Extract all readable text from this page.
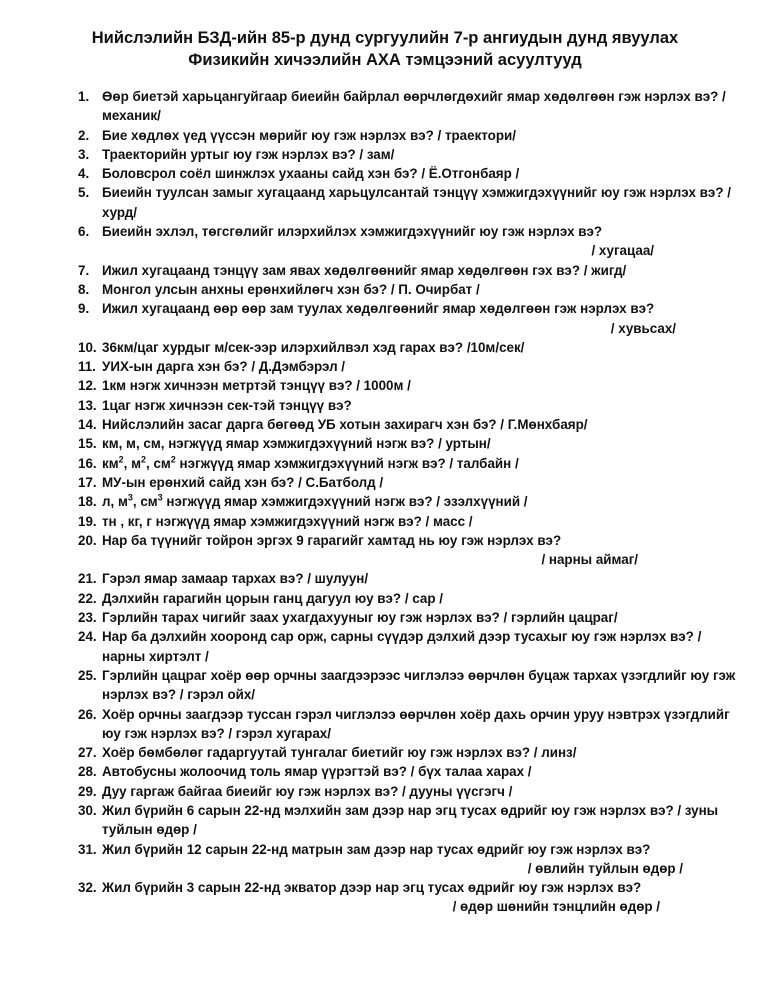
Нийслэлийн БЗД-ийн 85-р дунд сургуулийн 7-р ангиудын дунд явуулах
Физикийн хичээлийн АХА тэмцээний асуултууд
1. Өөр биетэй харьцангуйгаар биеийн байрлал өөрчлөгдөхийг ямар хөдөлгөөн гэж нэрлэх вэ? / механик/
2. Бие хөдлөх үед үүссэн мөрийг юу гэж нэрлэх вэ? / траектори/
3. Траекторийн уртыг юу гэж нэрлэх вэ? / зам/
4. Боловсрол соёл шинжлэх ухааны сайд хэн бэ? / Ё.Отгонбаяр /
5. Биеийн туулсан замыг хугацаанд харьцулсантай тэнцүү хэмжигдэхүүнийг юу гэж нэрлэх вэ? / хурд/
6. Биеийн эхлэл, төгсгөлийг илэрхийлэх хэмжигдэхүүнийг юу гэж нэрлэх вэ?
/ хугацаа/
7. Ижил хугацаанд тэнцүү зам явах хөдөлгөөнийг ямар хөдөлгөөн гэх вэ? / жигд/
8. Монгол улсын анхны ерөнхийлөгч хэн бэ? / П. Очирбат /
9. Ижил хугацаанд өөр өөр зам туулах хөдөлгөөнийг ямар хөдөлгөөн гэж нэрлэх вэ?
/ хувьсах/
10. 36км/цаг хурдыг м/сек-ээр илэрхийлвэл хэд гарах вэ? /10м/сек/
11. УИХ-ын дарга хэн бэ? / Д.Дэмбэрэл /
12. 1км нэгж хичнээн метртэй тэнцүү вэ? / 1000м /
13. 1цаг нэгж хичнээн сек-тэй тэнцүү вэ?
14. Нийслэлийн засаг дарга бөгөөд УБ хотын захирагч хэн бэ? / Г.Мөнхбаяр/
15. км, м, см, нэгжүүд ямар хэмжигдэхүүний нэгж вэ? / уртын/
16. $км^2$, $м^2$, $см^2$ нэгжүүд ямар хэмжигдэхүүний нэгж вэ? / талбайн /
17. МУ-ын ерөнхий сайд хэн бэ? / С.Батболд /
18. л, $м^3$, $см^3$ нэгжүүд ямар хэмжигдэхүүний нэгж вэ? / эзэлхүүний /
19. тн , кг, г нэгжүүд ямар хэмжигдэхүүний нэгж вэ? / масс /
20. Нар ба түүнийг тойрон эргэх 9 гарагийг хамтад нь юу гэж нэрлэх вэ?
/ нарны аймаг/
21. Гэрэл ямар замаар тархах вэ? / шулуун/
22. Дэлхийн гарагийн цорын ганц дагуул юу вэ? / сар /
23. Гэрлийн тарах чигийг заах ухагдахууныг юу гэж нэрлэх вэ? / гэрлийн цацраг/
24. Нар ба дэлхийн хооронд сар орж, сарны сүүдэр дэлхий дээр тусахыг юу гэж нэрлэх вэ? / нарны хиртэлт /
25. Гэрлийн цацраг хоёр өөр орчны заагдээрээс чиглэлээ өөрчлөн буцаж тархах үзэгдлийг юу гэж нэрлэх вэ? / гэрэл ойх/
26. Хоёр орчны заагдээр туссан гэрэл чиглэлээ өөрчлөн хоёр дахь орчин уруу нэвтрэх үзэгдлийг юу гэж нэрлэх вэ? / гэрэл хугарах/
27. Хоёр бөмбөлөг гадаргуутай тунгалаг биетийг юу гэж нэрлэх вэ? / линз/
28. Автобусны жолоочид толь ямар үүрэгтэй вэ? / бүх талаа харах /
29. Дуу гаргаж байгаа биеийг юу гэж нэрлэх вэ? / дууны үүсгэгч /
30. Жил бүрийн 6 сарын 22-нд мэлхийн зам дээр нар эгц тусах өдрийг юу гэж нэрлэх вэ? / зуны туйлын өдөр /
31. Жил бүрийн 12 сарын 22-нд матрын зам дээр нар тусах өдрийг юу гэж нэрлэх вэ?
/ өвлийн туйлын өдөр /
32. Жил бүрийн 3 сарын 22-нд экватор дээр нар эгц тусах өдрийг юу гэж нэрлэх вэ?
/ өдөр шөнийн тэнцлийн өдөр /
